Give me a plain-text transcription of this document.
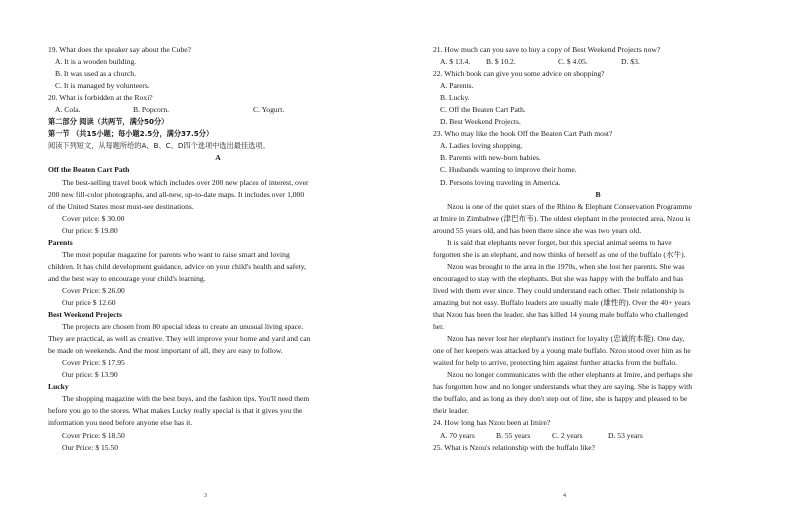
19. What does the speaker say about the Cube?
A. It is a wooden building.
B. It was used as a church.
C. It is managed by volunteers.
20. What is forbidden at the Roxi?
A. Cola.	B. Popcorn.	C. Yogurt.
第二部分 阅读（共两节，满分50分）
第一节 （共15小题；每小题2.5分，满分37.5分）
阅读下列短文，从每题所给的A、B、C、D四个选项中选出最佳选项。
A
Off the Beaten Cart Path
The best-selling travel book which includes over 200 new places of interest, over
200 new fill-color photographs, and all-new, up-to-date maps. It includes over 1,000
of the United States most must-see destinations.
Cover price: $ 30.00
Our price: $ 19.80
Parents
The most popular magazine for parents who want to raise smart and loving
children. It has child development guidance, advice on your child's health and safety,
and the best way to encourage your child's learning.
Cover Price: $ 26.00
Our price $ 12.60
Best Weekend Projects
The projects are chosen from 80 special ideas to create an unusual living space.
They are practical, as well as creative. They will improve your home and yard and can
be made on weekends. And the most important of all, they are easy to follow.
Cover Price: $ 17.95
Our price: $ 13.90
Lucky
The shopping magazine with the best buys, and the fashion tips. You'll need them
before you go to the stores. What makes Lucky really special is that it gives you the
information you need before anyone else has it.
Cover Price: $ 18.50
Our Price: $ 15.50
3
21. How much can you save to buy a copy of Best Weekend Projects now?
A. $ 13.4.	B. $ 10.2.	C. $ 4.05.	D. $3.
22. Which book can give you some advice on shopping?
A. Parents.
B. Lucky.
C. Off the Beaten Cart Path.
D. Best Weekend Projects.
23. Who may like the book Off the Beaten Cart Path most?
A. Ladies loving shopping.
B. Parents with new-born babies.
C. Husbands wanting to improve their home.
D. Persons loving traveling in America.
B
Nzou is one of the quiet stars of the Rhino & Elephant Conservation Programme
at Imire in Zimbabwe (津巴布韦). The oldest elephant in the protected area, Nzou is
around 55 years old, and has been there since she was two years old.
It is said that elephants never forget, but this special animal seems to have
forgotten she is an elephant, and now thinks of herself as one of the buffalo (水牛).
Nzou was brought to the area in the 1970s, when she lost her parents. She was
encouraged to stay with the elephants. But she was happy with the buffalo and has
lived with them ever since. They could understand each other. Their relationship is
amazing but not easy. Buffalo leaders are usually male (雄性的). Over the 40+ years
that Nzou has been the leader, she has killed 14 young male buffalo who challenged
her.
Nzou has never lost her elephant's instinct for loyalty (忠诚的本能). One day,
one of her keepers was attacked by a young male buffalo. Nzou stood over him as he
waited for help to arrive, protecting him against further attacks from the buffalo.
Nzou no longer communicates with the other elephants at Imire, and perhaps she
has forgotten how and no longer understands what they are saying. She is happy with
the buffalo, and as long as they don't step out of line, she is happy and pleased to be
their leader.
24. How long has Nzou been at Imire?
A. 70 years	B. 55 years	C. 2 years	D. 53 years
25. What is Nzou's relationship with the buffalo like?
4
